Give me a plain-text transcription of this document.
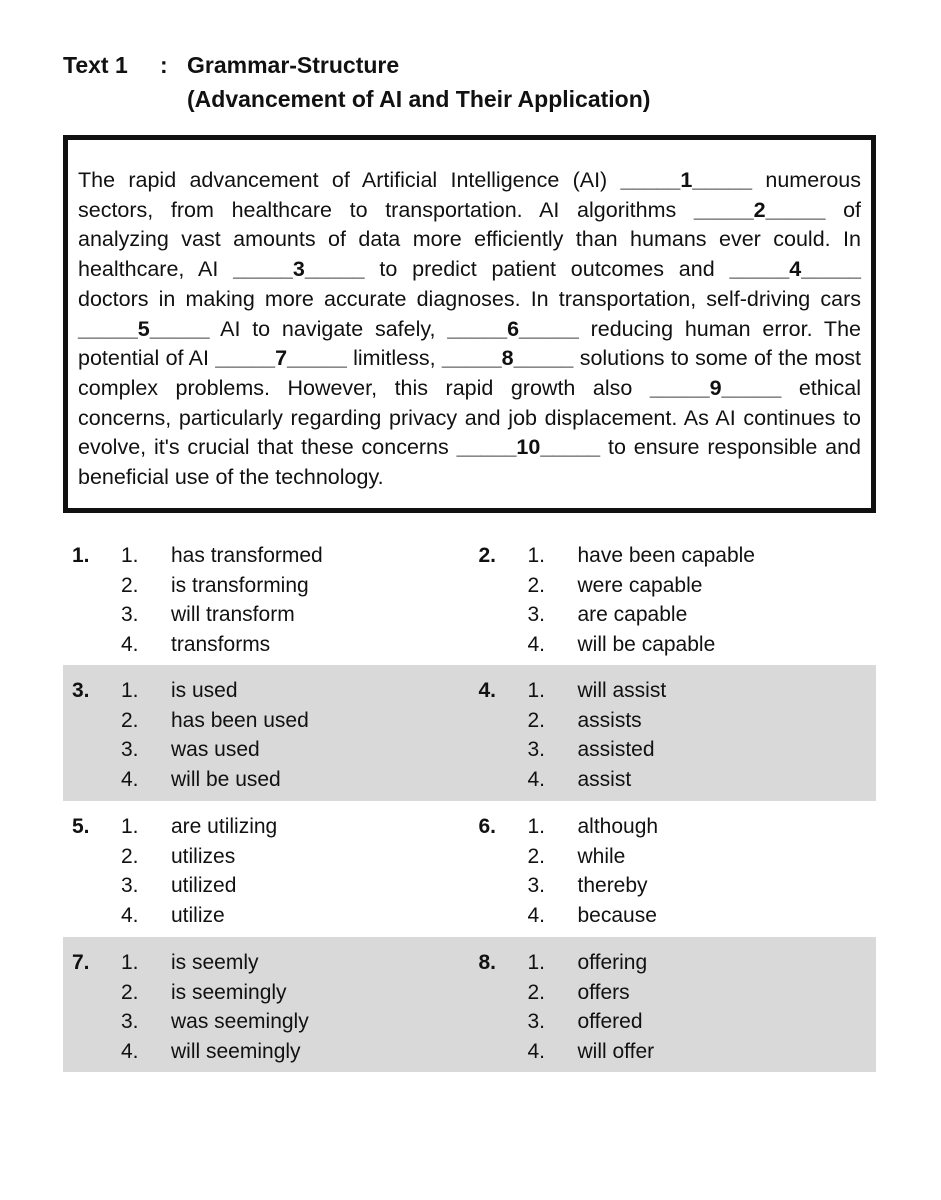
Text 1 : Grammar-Structure
(Advancement of AI and Their Application)

The rapid advancement of Artificial Intelligence (AI) _____1_____ numerous sectors, from healthcare to transportation. AI algorithms _____2_____ of analyzing vast amounts of data more efficiently than humans ever could. In healthcare, AI _____3_____ to predict patient outcomes and _____4_____ doctors in making more accurate diagnoses. In transportation, self-driving cars _____5_____ AI to navigate safely, _____6_____ reducing human error. The potential of AI _____7_____ limitless, _____8_____ solutions to some of the most complex problems. However, this rapid growth also _____9_____ ethical concerns, particularly regarding privacy and job displacement. As AI continues to evolve, it's crucial that these concerns _____10_____ to ensure responsible and beneficial use of the technology.

1. 1.	has transformed
2.	is transforming
3.	will transform
4.	transforms
2. 1.	have been capable
2.	were capable
3.	are capable
4.	will be capable
3. 1.	is used
2.	has been used
3.	was used
4.	will be used
4. 1.	will assist
2.	assists
3.	assisted
4.	assist
5. 1.	are utilizing
2.	utilizes
3.	utilized
4.	utilize
6. 1.	although
2.	while
3.	thereby
4.	because
7. 1.	is seemly
2.	is seemingly
3.	was seemingly
4.	will seemingly
8. 1.	offering
2.	offers
3.	offered
4.	will offer
